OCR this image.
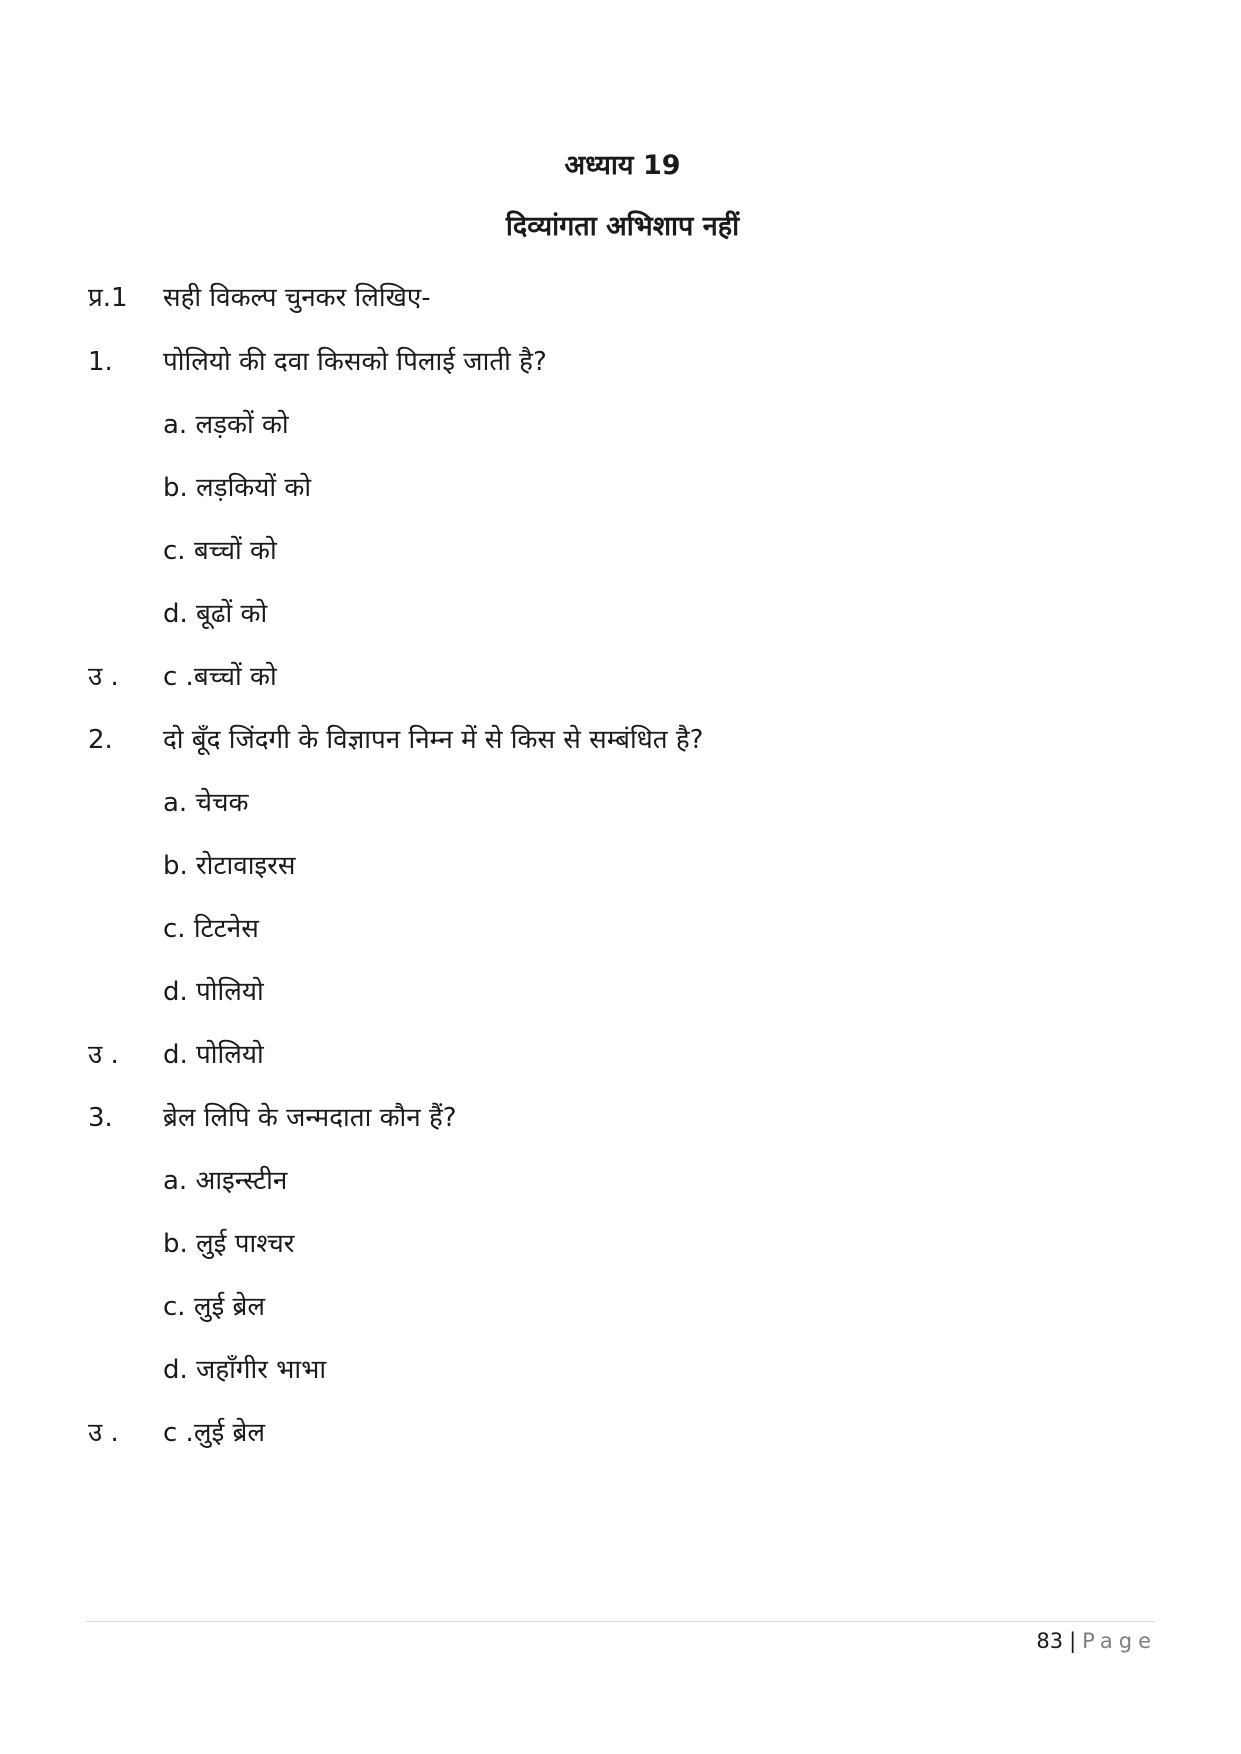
अध्याय 19
दिव्यांगता अभिशाप नहीं
प्र.1 सही विकल्प चुनकर लिखिए-
1. पोलियो की दवा किसको पिलाई जाती है?
a. लड़कों को
b. लड़कियों को
c. बच्चों को
d. बूढों को
उ . c .बच्चों को
2. दो बूँद जिंदगी के विज्ञापन निम्न में से किस से सम्बंधित है?
a. चेचक
b. रोटावाइरस
c. टिटनेस
d. पोलियो
उ . d. पोलियो
3. ब्रेल लिपि के जन्मदाता कौन हैं?
a. आइन्स्टीन
b. लुई पाश्चर
c. लुई ब्रेल
d. जहाँगीर भाभा
उ . c .लुई ब्रेल
83 | Page
